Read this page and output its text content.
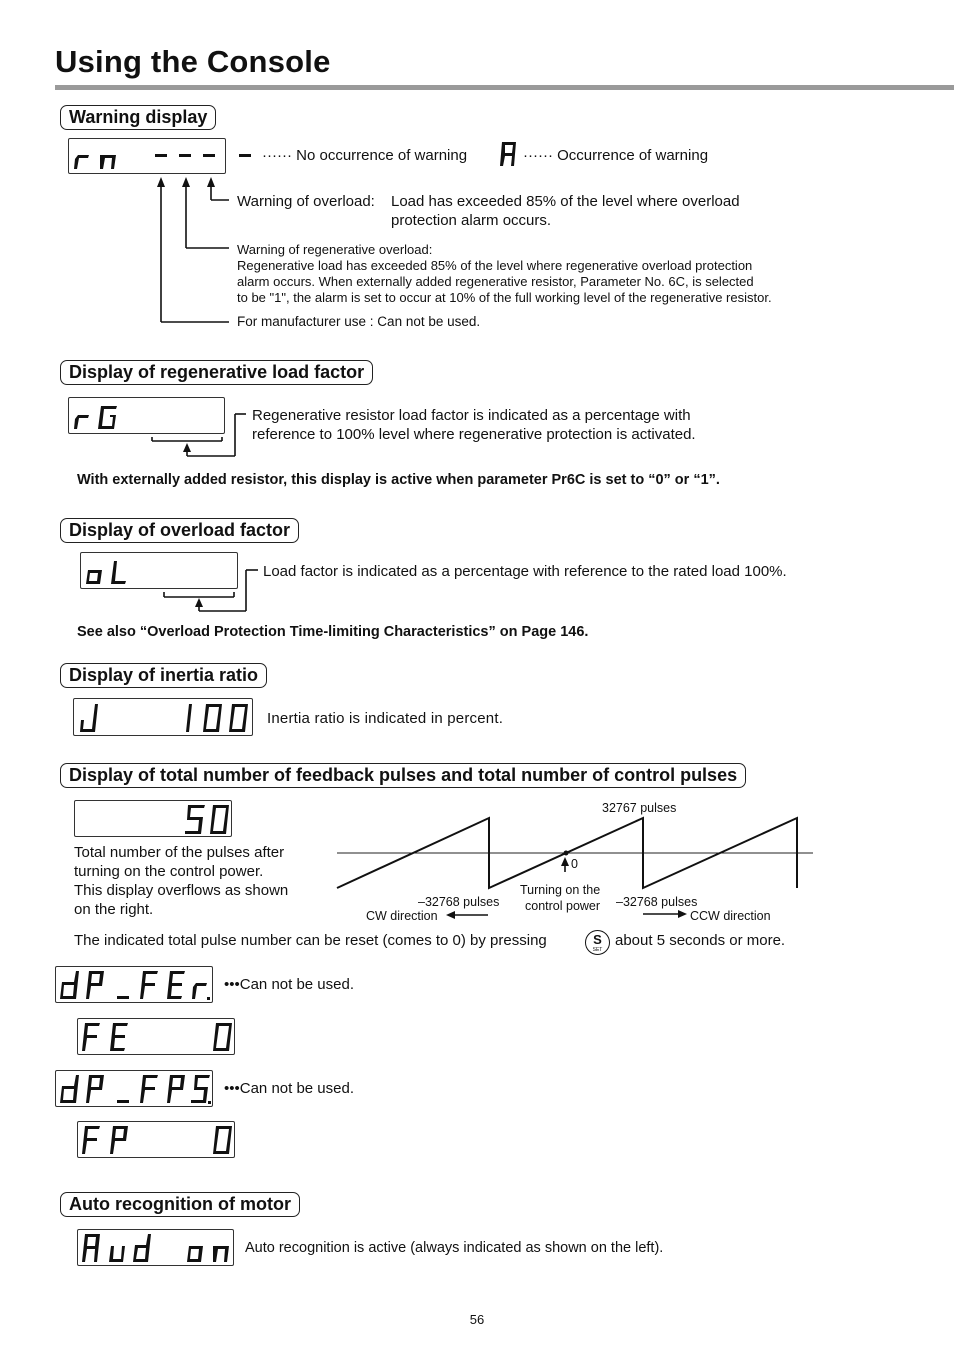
Using the Console
Warning display
······ No occurrence of warning	······ Occurrence of warning
Warning of overload: Load has exceeded 85% of the level where overload
protection alarm occurs.
Warning of regenerative overload:
Regenerative load has exceeded 85% of the level where regenerative overload protection
alarm occurs. When externally added regenerative resistor, Parameter No. 6C, is selected
to be "1", the alarm is set to occur at 10% of the full working level of the regenerative resistor.
For manufacturer use : Can not be used.
Display of regenerative load factor
Regenerative resistor load factor is indicated as a percentage with
reference to 100% level where regenerative protection is activated.
With externally added resistor, this display is active when parameter Pr6C is set to “0” or “1”.
Display of overload factor
Load factor is indicated as a percentage with reference to the rated load 100%.
See also “Overload Protection Time-limiting Characteristics” on Page 146.
Display of inertia ratio
Inertia ratio is indicated in percent.
Display of total number of feedback pulses and total number of control pulses
Total number of the pulses after
turning on the control power.
This display overflows as shown
on the right.
32767 pulses
0
–32768 pulses	–32768 pulses
Turning on the
control power
CW direction	CCW direction
The indicated total pulse number can be reset (comes to 0) by pressing	S
SET
about 5 seconds or more.
•••Can not be used.
•••Can not be used.
Auto recognition of motor
Auto recognition is active (always indicated as shown on the left).
56
